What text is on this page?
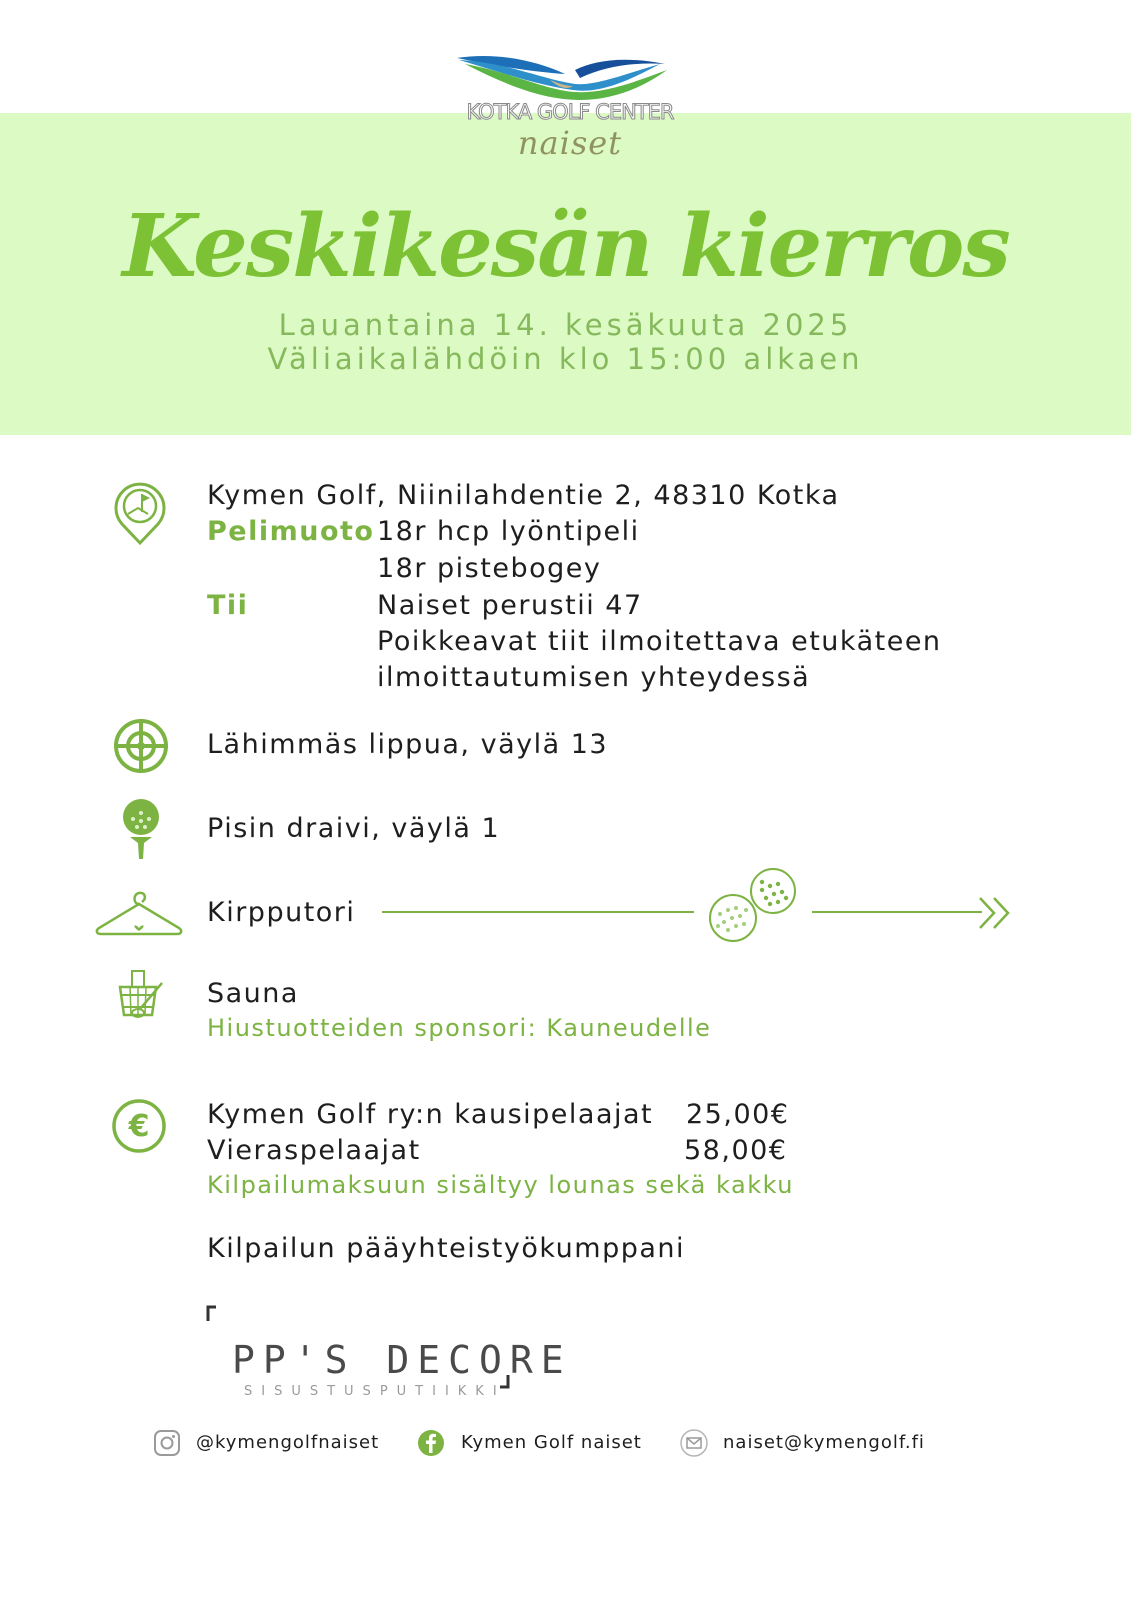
KOTKA GOLF CENTER
naiset
Keskikesän kierros
Lauantaina 14. kesäkuuta 2025
Väliaikalähdöin klo 15:00 alkaen
Kymen Golf, Niinilahdentie 2, 48310 Kotka
Pelimuoto 18r hcp lyöntipeli
18r pistebogey
Tii	Naiset perustii 47
Poikkeavat tiit ilmoitettava etukäteen
ilmoittautumisen yhteydessä
Lähimmäs lippua, väylä 13
Pisin draivi, väylä 1
Kirpputori
Sauna
Hiustuotteiden sponsori: Kauneudelle
€ Kymen Golf ry:n kausipelaajat 25,00€
Vieraspelaajat	58,00€
Kilpailumaksuun sisältyy lounas sekä kakku
Kilpailun pääyhteistyökumppani
PP'S DECORE
SISUSTUSPUTIIKKI
@kymengolfnaiset	Kymen Golf naiset	naiset@kymengolf.fi
